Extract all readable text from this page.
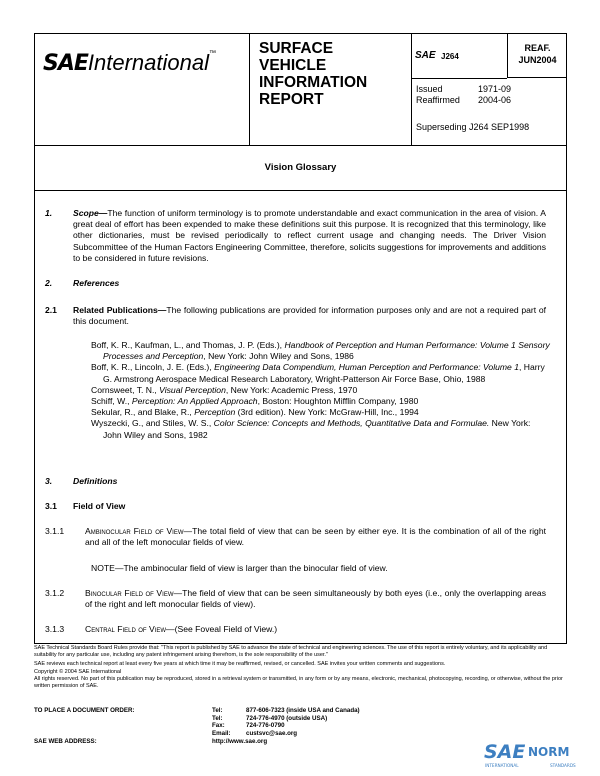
SAEInternational™	SURFACE
VEHICLE
INFORMATION
REPORT
SAE J264
REAF.
JUN2004
Issued	1971-09
Reaffirmed 2004-06
Superseding J264 SEP1998
Vision Glossary
1. Scope—The function of uniform terminology is to promote understandable and exact communication in the area of vision. A great deal of effort has been expended to make these definitions suit this purpose. It is recognized that this terminology, like other dictionaries, must be revised periodically to reflect current usage and changing needs. The Driver Vision Subcommittee of the Human Factors Engineering Committee, therefore, solicits suggestions for improvements and additions to be considered in future revisions.
2. References
2.1 Related Publications—The following publications are provided for information purposes only and are not a required part of this document.
Boff, K. R., Kaufman, L., and Thomas, J. P. (Eds.), Handbook of Perception and Human Performance: Volume 1 Sensory Processes and Perception, New York: John Wiley and Sons, 1986
Boff, K. R., Lincoln, J. E. (Eds.), Engineering Data Compendium, Human Perception and Performance: Volume 1, Harry G. Armstrong Aerospace Medical Research Laboratory, Wright-Patterson Air Force Base, Ohio, 1988
Cornsweet, T. N., Visual Perception, New York: Academic Press, 1970
Schiff, W., Perception: An Applied Approach, Boston: Houghton Mifflin Company, 1980
Sekular, R., and Blake, R., Perception (3rd edition). New York: McGraw-Hill, Inc., 1994
Wyszecki, G., and Stiles, W. S., Color Science: Concepts and Methods, Quantitative Data and Formulae. New York: John Wiley and Sons, 1982
3. Definitions
3.1 Field of View
3.1.1 Ambinocular Field of View—The total field of view that can be seen by either eye. It is the combination of all of the right and all of the left monocular fields of view.
NOTE—The ambinocular field of view is larger than the binocular field of view.
3.1.2 Binocular Field of View—The field of view that can be seen simultaneously by both eyes (i.e., only the overlapping areas of the right and left monocular fields of view).
3.1.3 Central Field of View—(See Foveal Field of View.)

SAE Technical Standards Board Rules provide that: "This report is published by SAE to advance the state of technical and engineering sciences. The use of this report is entirely voluntary, and its applicability and suitability for any particular use, including any patent infringement arising therefrom, is the sole responsibility of the user."

SAE reviews each technical report at least every five years at which time it may be reaffirmed, revised, or cancelled. SAE invites your written comments and suggestions.

Copyright © 2004 SAE International

All rights reserved. No part of this publication may be reproduced, stored in a retrieval system or transmitted, in any form or by any means, electronic, mechanical, photocopying, recording, or otherwise, without the prior written permission of SAE.

TO PLACE A DOCUMENT ORDER:	Tel:	877-606-7323 (inside USA and Canada)
Tel:	724-776-4970 (outside USA)
Fax:	724-776-0790
Email: custsvc@sae.org
SAE WEB ADDRESS:	http://www.sae.org	SAE NORM
INTERNATIONAL	STANDARDS
